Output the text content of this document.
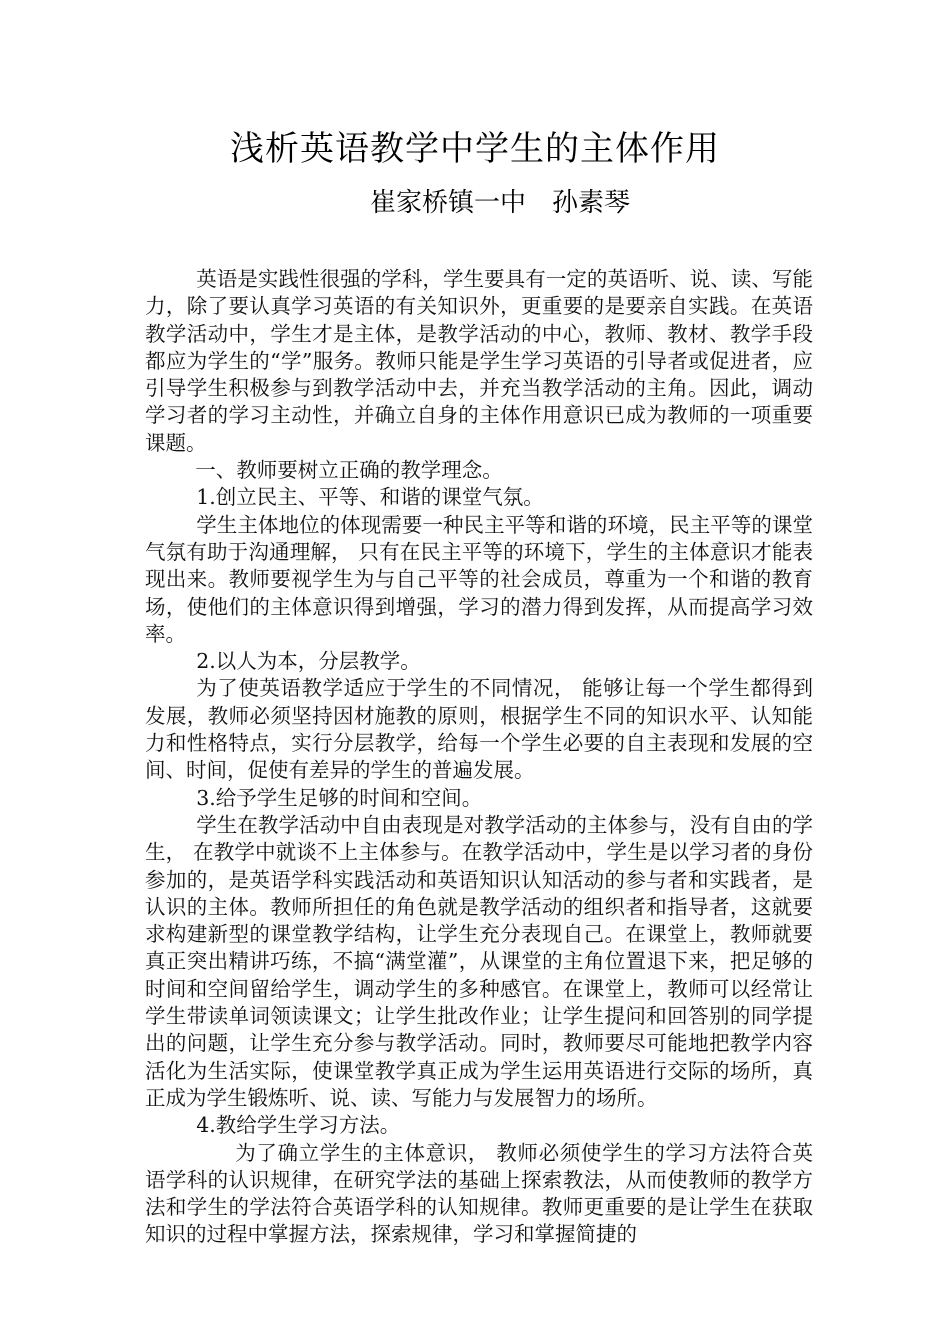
浅析英语教学中学生的主体作用
崔家桥镇一中 孙素琴

英语是实践性很强的学科，学生要具有一定的英语听、说、读、写能力，除了要认真学习英语的有关知识外，更重要的是要亲自实践。在英语教学活动中，学生才是主体，是教学活动的中心，教师、教材、教学手段都应为学生的“学”服务。教师只能是学生学习英语的引导者或促进者，应引导学生积极参与到教学活动中去，并充当教学活动的主角。因此，调动学习者的学习主动性，并确立自身的主体作用意识已成为教师的一项重要课题。

一、教师要树立正确的教学理念。

1.创立民主、平等、和谐的课堂气氛。

学生主体地位的体现需要一种民主平等和谐的环境，民主平等的课堂气氛有助于沟通理解， 只有在民主平等的环境下，学生的主体意识才能表现出来。教师要视学生为与自己平等的社会成员，尊重为一个和谐的教育场，使他们的主体意识得到增强，学习的潜力得到发挥，从而提高学习效率。

2.以人为本，分层教学。

为了使英语教学适应于学生的不同情况， 能够让每一个学生都得到发展，教师必须坚持因材施教的原则，根据学生不同的知识水平、认知能力和性格特点，实行分层教学，给每一个学生必要的自主表现和发展的空间、时间，促使有差异的学生的普遍发展。

3.给予学生足够的时间和空间。

学生在教学活动中自由表现是对教学活动的主体参与，没有自由的学生， 在教学中就谈不上主体参与。在教学活动中，学生是以学习者的身份参加的，是英语学科实践活动和英语知识认知活动的参与者和实践者，是认识的主体。教师所担任的角色就是教学活动的组织者和指导者，这就要求构建新型的课堂教学结构，让学生充分表现自己。在课堂上，教师就要真正突出精讲巧练，不搞“满堂灌”，从课堂的主角位置退下来，把足够的时间和空间留给学生，调动学生的多种感官。在课堂上，教师可以经常让学生带读单词领读课文；让学生批改作业；让学生提问和回答别的同学提出的问题，让学生充分参与教学活动。同时，教师要尽可能地把教学内容活化为生活实际，使课堂教学真正成为学生运用英语进行交际的场所，真正成为学生锻炼听、说、读、写能力与发展智力的场所。

4.教给学生学习方法。

为了确立学生的主体意识， 教师必须使学生的学习方法符合英语学科的认识规律，在研究学法的基础上探索教法，从而使教师的教学方法和学生的学法符合英语学科的认知规律。教师更重要的是让学生在获取知识的过程中掌握方法，探索规律，学习和掌握简捷的
